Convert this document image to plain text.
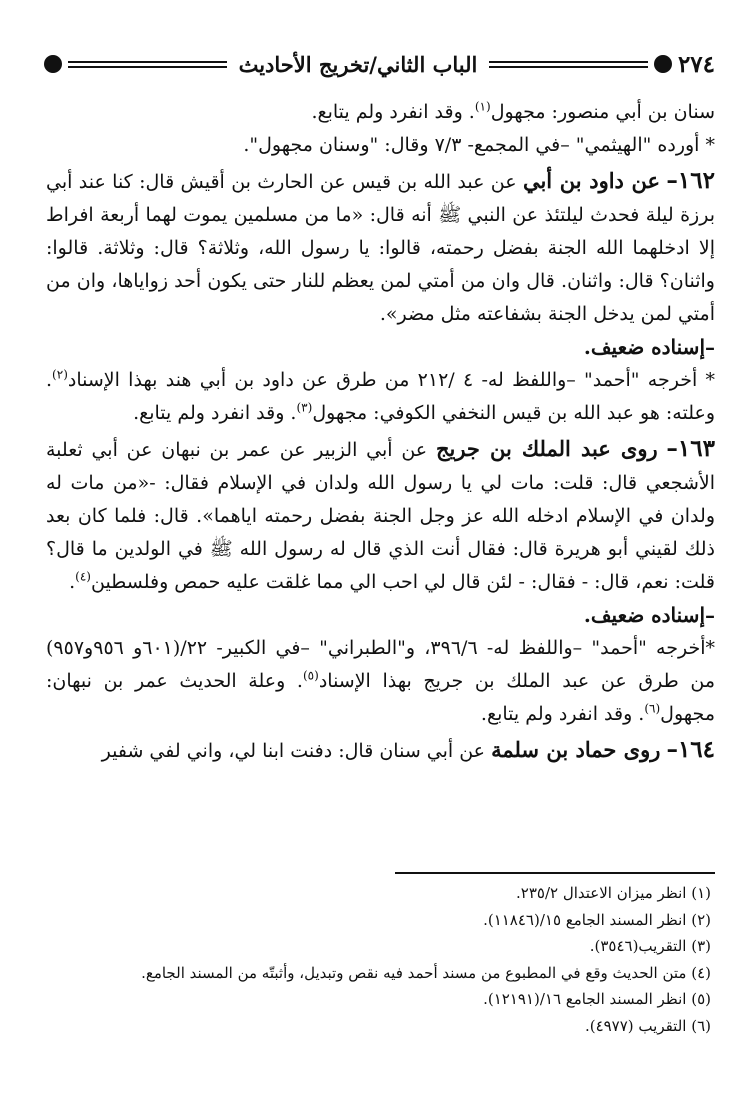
الباب الثاني/تخريج الأحاديث	٢٧٤

سنان بن أبي منصور: مجهول$^{(١)}$. وقد انفرد ولم يتابع.

* أورده "الهيثمي" –في المجمع- ٧/٣ وقال: "وسنان مجهول".

١٦٢– عن داود بن أبي عن عبد الله بن قيس عن الحارث بن أقيش قال: كنا عند أبي برزة ليلة فحدث ليلتئذ عن النبي ﷺ أنه قال: «ما من مسلمين يموت لهما أربعة افراط إلا ادخلهما الله الجنة بفضل رحمته، قالوا: يا رسول الله، وثلاثة؟ قال: وثلاثة. قالوا: واثنان؟ قال: واثنان. قال وان من أمتي لمن يعظم للنار حتى يكون أحد زواياها، وان من أمتي لمن يدخل الجنة بشفاعته مثل مضر».

–إسناده ضعيف.

* أخرجه "أحمد" –واللفظ له- ٤ /٢١٢ من طرق عن داود بن أبي هند بهذا الإسناد$^{(٢)}$. وعلته: هو عبد الله بن قيس النخفي الكوفي: مجهول$^{(٣)}$. وقد انفرد ولم يتابع.

١٦٣– روى عبد الملك بن جريج عن أبي الزبير عن عمر بن نبهان عن أبي ثعلبة الأشجعي قال: قلت: مات لي يا رسول الله ولدان في الإسلام فقال: -«من مات له ولدان في الإسلام ادخله الله عز وجل الجنة بفضل رحمته اياهما». قال: فلما كان بعد ذلك لقيني أبو هريرة قال: فقال أنت الذي قال له رسول الله ﷺ في الولدين ما قال؟ قلت: نعم، قال: - فقال: - لئن قال لي احب الي مما غلقت عليه حمص وفلسطين$^{(٤)}$.

–إسناده ضعيف.

*أخرجه "أحمد" –واللفظ له- ٣٩٦/٦، و"الطبراني" –في الكبير- ٢٢/(٦٠١و ٩٥٦و٩٥٧) من طرق عن عبد الملك بن جريج بهذا الإسناد$^{(٥)}$. وعلة الحديث عمر بن نبهان: مجهول$^{(٦)}$. وقد انفرد ولم يتابع.

١٦٤– روى حماد بن سلمة عن أبي سنان قال: دفنت ابنا لي، واني لفي شفير

(١) انظر ميزان الاعتدال ٢٣٥/٢.
(٢) انظر المسند الجامع ١٥/(١١٨٤٦).
(٣) التقريب(٣٥٤٦).
(٤) متن الحديث وقع في المطبوع من مسند أحمد فيه نقص وتبديل، وأثبتّه من المسند الجامع.
(٥) انظر المسند الجامع ١٦/(١٢١٩١).
(٦) التقريب (٤٩٧٧).
